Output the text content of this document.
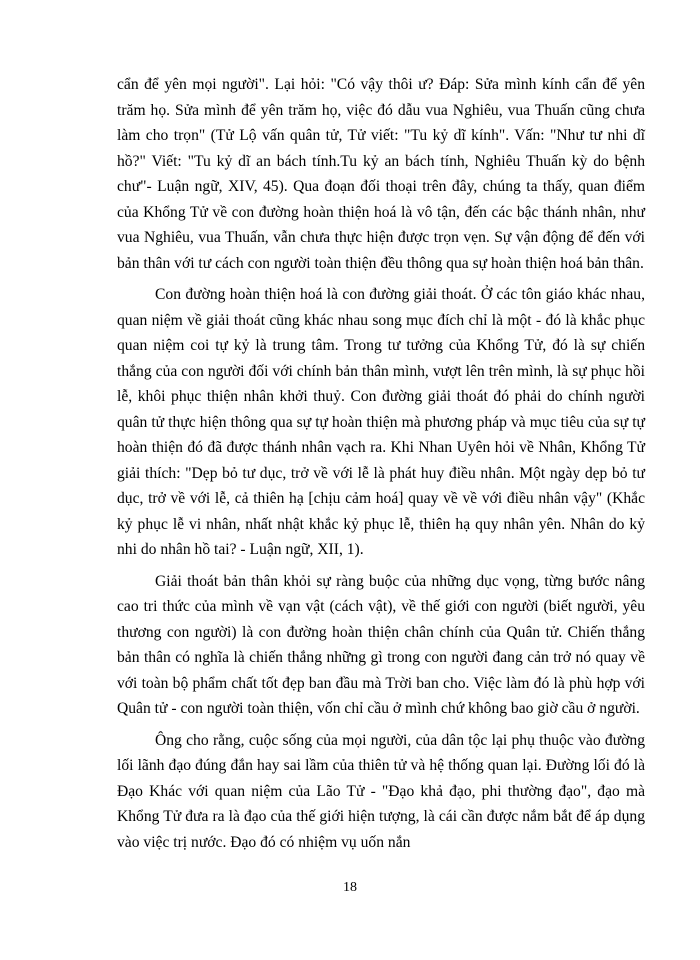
cẩn để yên mọi người". Lại hỏi: "Có vậy thôi ư? Đáp: Sửa mình kính cẩn để yên trăm họ. Sửa mình để yên trăm họ, việc đó dẫu vua Nghiêu, vua Thuấn cũng chưa làm cho trọn" (Tử Lộ vấn quân tử, Tử viết: "Tu kỷ dĩ kính". Vấn: "Như tư nhi dĩ hồ?" Viết: "Tu kỷ dĩ an bách tính.Tu kỷ an bách tính, Nghiêu Thuấn kỳ do bệnh chư"- Luận ngữ, XIV, 45). Qua đoạn đối thoại trên đây, chúng ta thấy, quan điểm của Khổng Tử về con đường hoàn thiện hoá là vô tận, đến các bậc thánh nhân, như vua Nghiêu, vua Thuấn, vẫn chưa thực hiện được trọn vẹn. Sự vận động để đến với bản thân với tư cách con người toàn thiện đều thông qua sự hoàn thiện hoá bản thân.

Con đường hoàn thiện hoá là con đường giải thoát. Ở các tôn giáo khác nhau, quan niệm về giải thoát cũng khác nhau song mục đích chỉ là một - đó là khắc phục quan niệm coi tự kỷ là trung tâm. Trong tư tưởng của Khổng Tử, đó là sự chiến thắng của con người đối với chính bản thân mình, vượt lên trên mình, là sự phục hồi lễ, khôi phục thiện nhân khởi thuỷ. Con đường giải thoát đó phải do chính người quân tử thực hiện thông qua sự tự hoàn thiện mà phương pháp và mục tiêu của sự tự hoàn thiện đó đã được thánh nhân vạch ra. Khi Nhan Uyên hỏi về Nhân, Khổng Tử giải thích: "Dẹp bỏ tư dục, trở về với lễ là phát huy điều nhân. Một ngày dẹp bỏ tư dục, trở về với lễ, cả thiên hạ [chịu cảm hoá] quay về về với điều nhân vậy" (Khắc kỷ phục lễ vi nhân, nhất nhật khắc kỷ phục lễ, thiên hạ quy nhân yên. Nhân do kỷ nhi do nhân hồ tai? - Luận ngữ, XII, 1).

Giải thoát bản thân khỏi sự ràng buộc của những dục vọng, từng bước nâng cao tri thức của mình về vạn vật (cách vật), về thế giới con người (biết người, yêu thương con người) là con đường hoàn thiện chân chính của Quân tử. Chiến thắng bản thân có nghĩa là chiến thắng những gì trong con người đang cản trở nó quay về với toàn bộ phẩm chất tốt đẹp ban đầu mà Trời ban cho. Việc làm đó là phù hợp với Quân tử - con người toàn thiện, vốn chỉ cầu ở mình chứ không bao giờ cầu ở người.

Ông cho rằng, cuộc sống của mọi người, của dân tộc lại phụ thuộc vào đường lối lãnh đạo đúng đắn hay sai lầm của thiên tử và hệ thống quan lại. Đường lối đó là Đạo Khác với quan niệm của Lão Tử - "Đạo khả đạo, phi thường đạo", đạo mà Khổng Tử đưa ra là đạo của thế giới hiện tượng, là cái cần được nắm bắt để áp dụng vào việc trị nước. Đạo đó có nhiệm vụ uốn nắn

18
